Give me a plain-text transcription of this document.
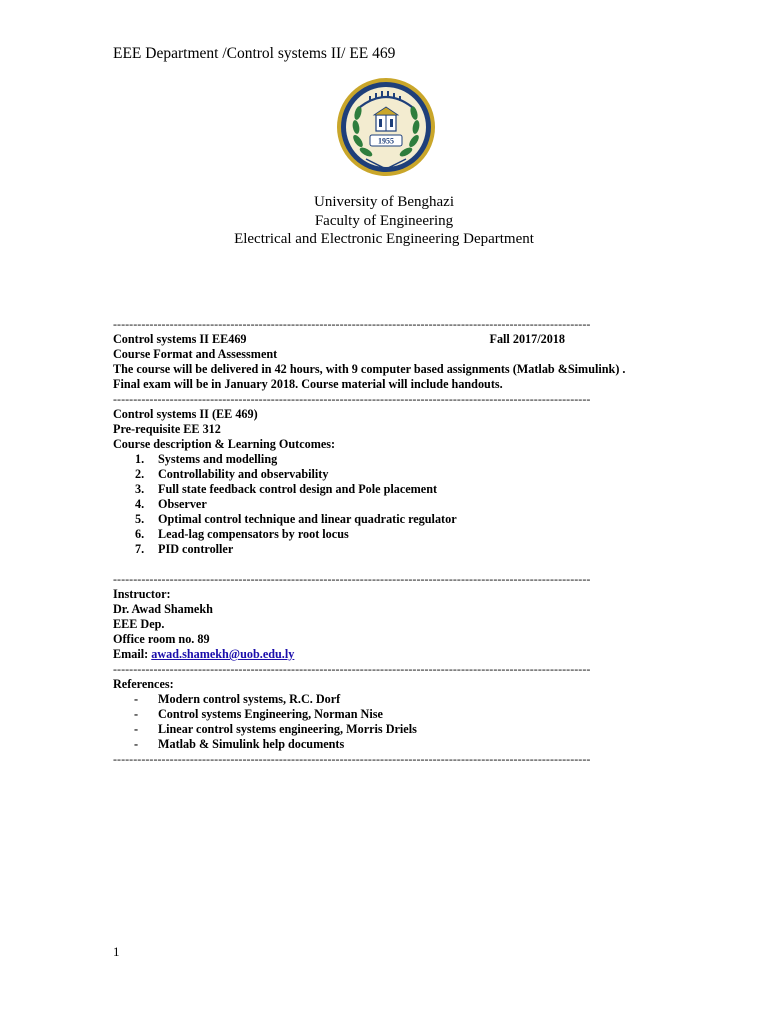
EEE Department /Control systems II/ EE 469
1955
University of Benghazi
Faculty of Engineering
Electrical and Electronic Engineering Department
----------------------------------------------------------------------------------------------------------------------
Control systems II EE469	Fall 2017/2018
Course Format and Assessment
The course will be delivered in 42 hours, with 9 computer based assignments (Matlab &Simulink) .
Final exam will be in January 2018. Course material will include handouts.
----------------------------------------------------------------------------------------------------------------------
Control systems II (EE 469)
Pre-requisite EE 312
Course description & Learning Outcomes:
1.	Systems and modelling
2.	Controllability and observability
3.	Full state feedback control design and Pole placement
4.	Observer
5.	Optimal control technique and linear quadratic regulator
6.	Lead-lag compensators by root locus
7.	PID controller
----------------------------------------------------------------------------------------------------------------------
Instructor:
Dr. Awad Shamekh
EEE Dep.
Office room no. 89
Email: awad.shamekh@uob.edu.ly
----------------------------------------------------------------------------------------------------------------------
References:
- Modern control systems, R.C. Dorf
- Control systems Engineering, Norman Nise
- Linear control systems engineering, Morris Driels
- Matlab & Simulink help documents
----------------------------------------------------------------------------------------------------------------------
1
